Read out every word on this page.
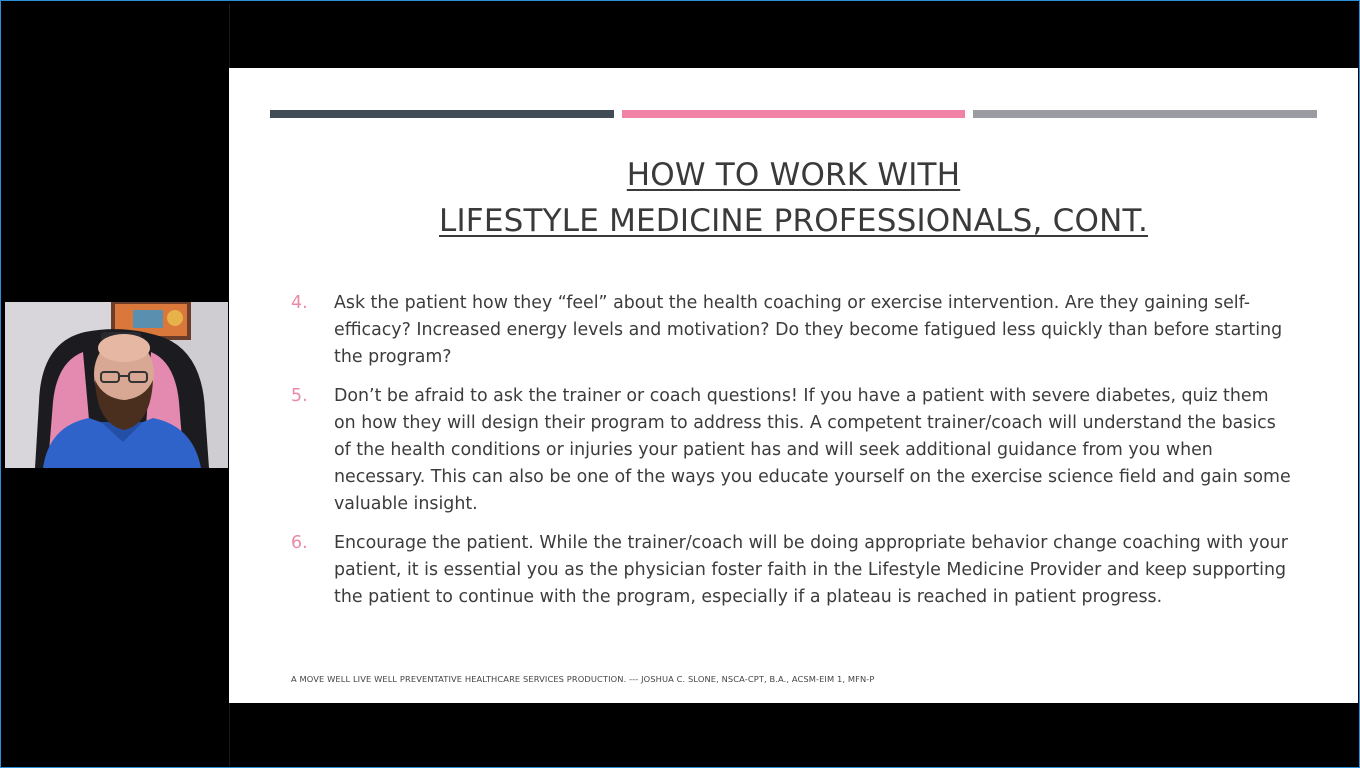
HOW TO WORK WITH
LIFESTYLE MEDICINE PROFESSIONALS, CONT.
4. Ask the patient how they “feel” about the health coaching or exercise intervention. Are they gaining self-efficacy? Increased energy levels and motivation? Do they become fatigued less quickly than before starting the program?
5. Don’t be afraid to ask the trainer or coach questions! If you have a patient with severe diabetes, quiz them on how they will design their program to address this. A competent trainer/coach will understand the basics of the health conditions or injuries your patient has and will seek additional guidance from you when necessary. This can also be one of the ways you educate yourself on the exercise science field and gain some valuable insight.
6. Encourage the patient. While the trainer/coach will be doing appropriate behavior change coaching with your patient, it is essential you as the physician foster faith in the Lifestyle Medicine Provider and keep supporting the patient to continue with the program, especially if a plateau is reached in patient progress.
A MOVE WELL LIVE WELL PREVENTATIVE HEALTHCARE SERVICES PRODUCTION. --- JOSHUA C. SLONE, NSCA-CPT, B.A., ACSM-EIM 1, MFN-P
